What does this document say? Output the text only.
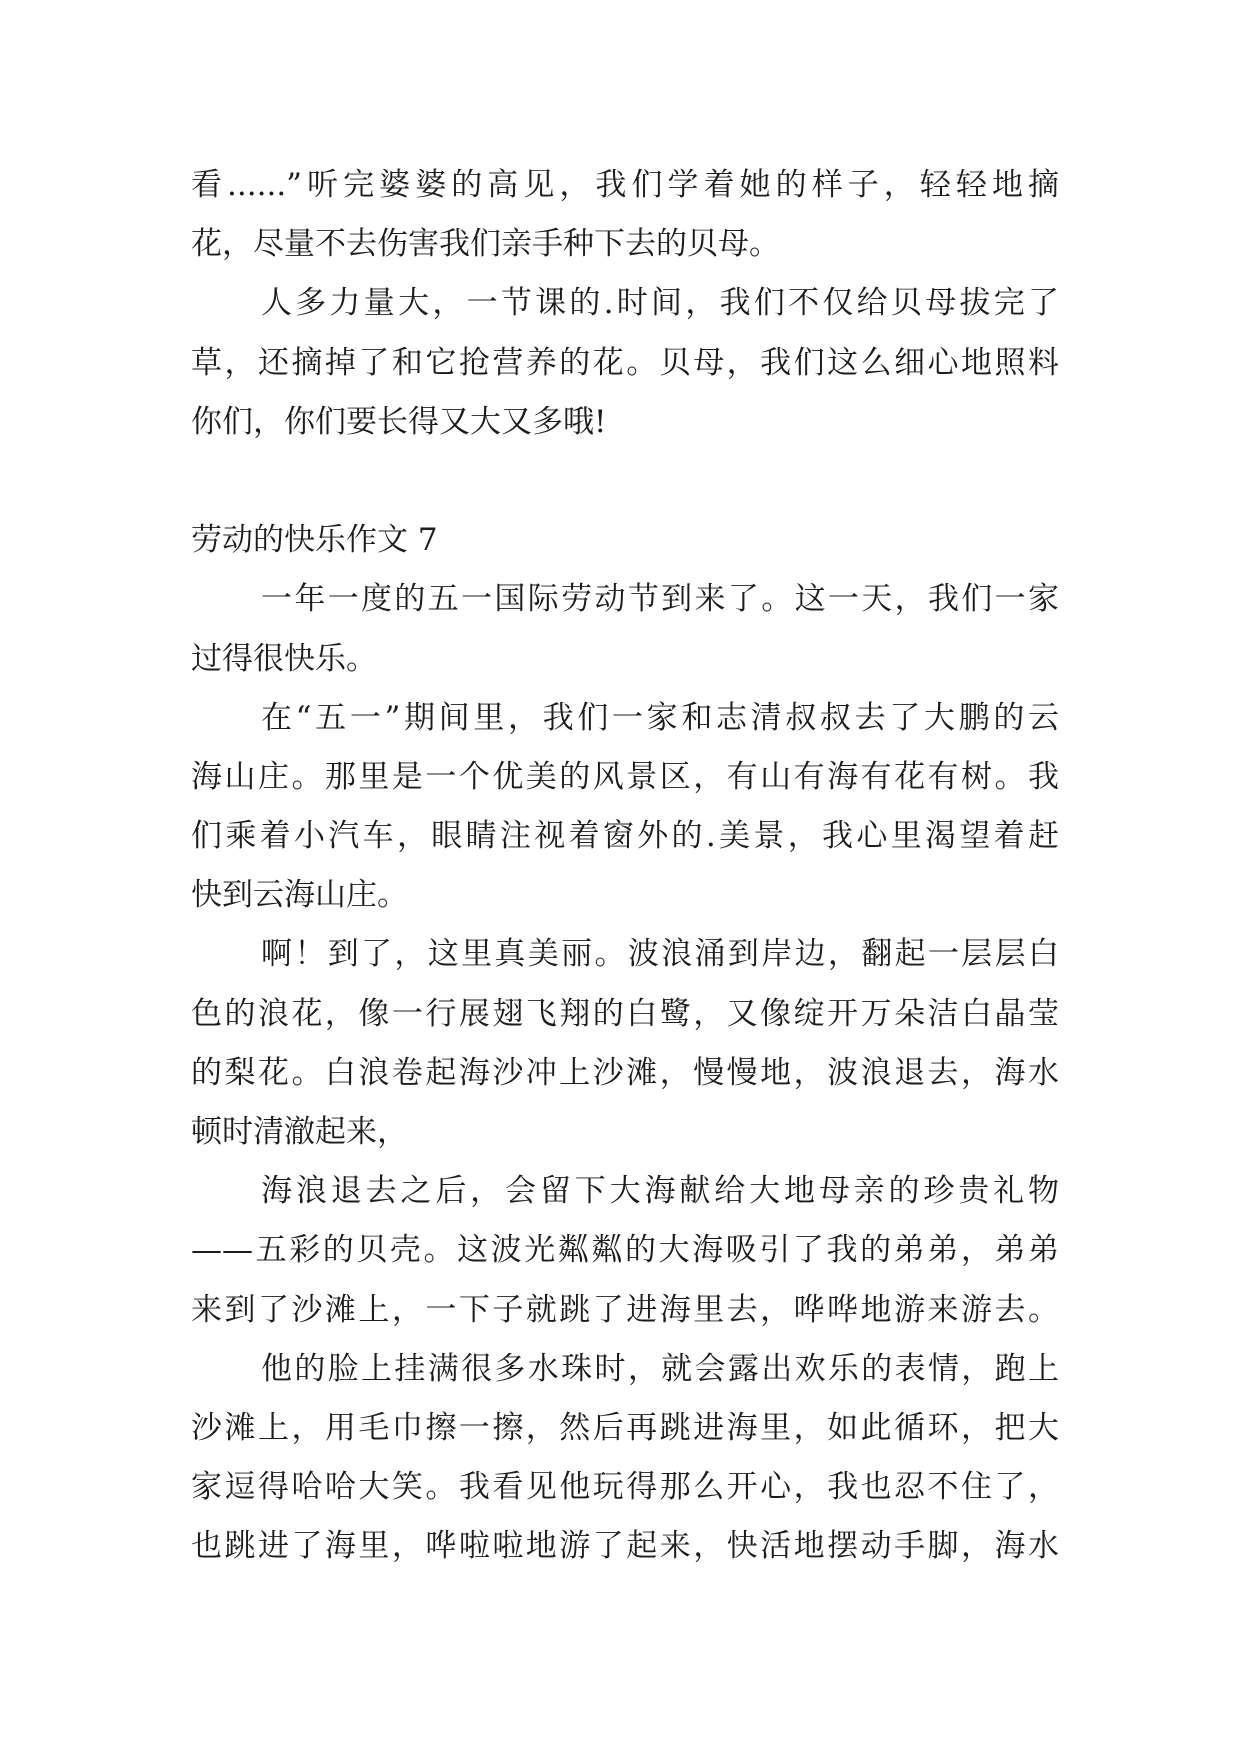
看......”听完婆婆的高见，我们学着她的样子，轻轻地摘
花，尽量不去伤害我们亲手种下去的贝母。
人多力量大，一节课的.时间，我们不仅给贝母拔完了
草，还摘掉了和它抢营养的花。贝母，我们这么细心地照料
你们，你们要长得又大又多哦!
劳动的快乐作文 7
一年一度的五一国际劳动节到来了。这一天，我们一家
过得很快乐。
在“五一”期间里，我们一家和志清叔叔去了大鹏的云
海山庄。那里是一个优美的风景区，有山有海有花有树。我
们乘着小汽车，眼睛注视着窗外的.美景，我心里渴望着赶
快到云海山庄。
啊！到了，这里真美丽。波浪涌到岸边，翻起一层层白
色的浪花，像一行展翅飞翔的白鹭，又像绽开万朵洁白晶莹
的梨花。白浪卷起海沙冲上沙滩，慢慢地，波浪退去，海水
顿时清澈起来，
海浪退去之后，会留下大海献给大地母亲的珍贵礼物
——五彩的贝壳。这波光粼粼的大海吸引了我的弟弟，弟弟
来到了沙滩上，一下子就跳了进海里去，哗哗地游来游去。
他的脸上挂满很多水珠时，就会露出欢乐的表情，跑上
沙滩上，用毛巾擦一擦，然后再跳进海里，如此循环，把大
家逗得哈哈大笑。我看见他玩得那么开心，我也忍不住了，
也跳进了海里，哗啦啦地游了起来，快活地摆动手脚，海水
